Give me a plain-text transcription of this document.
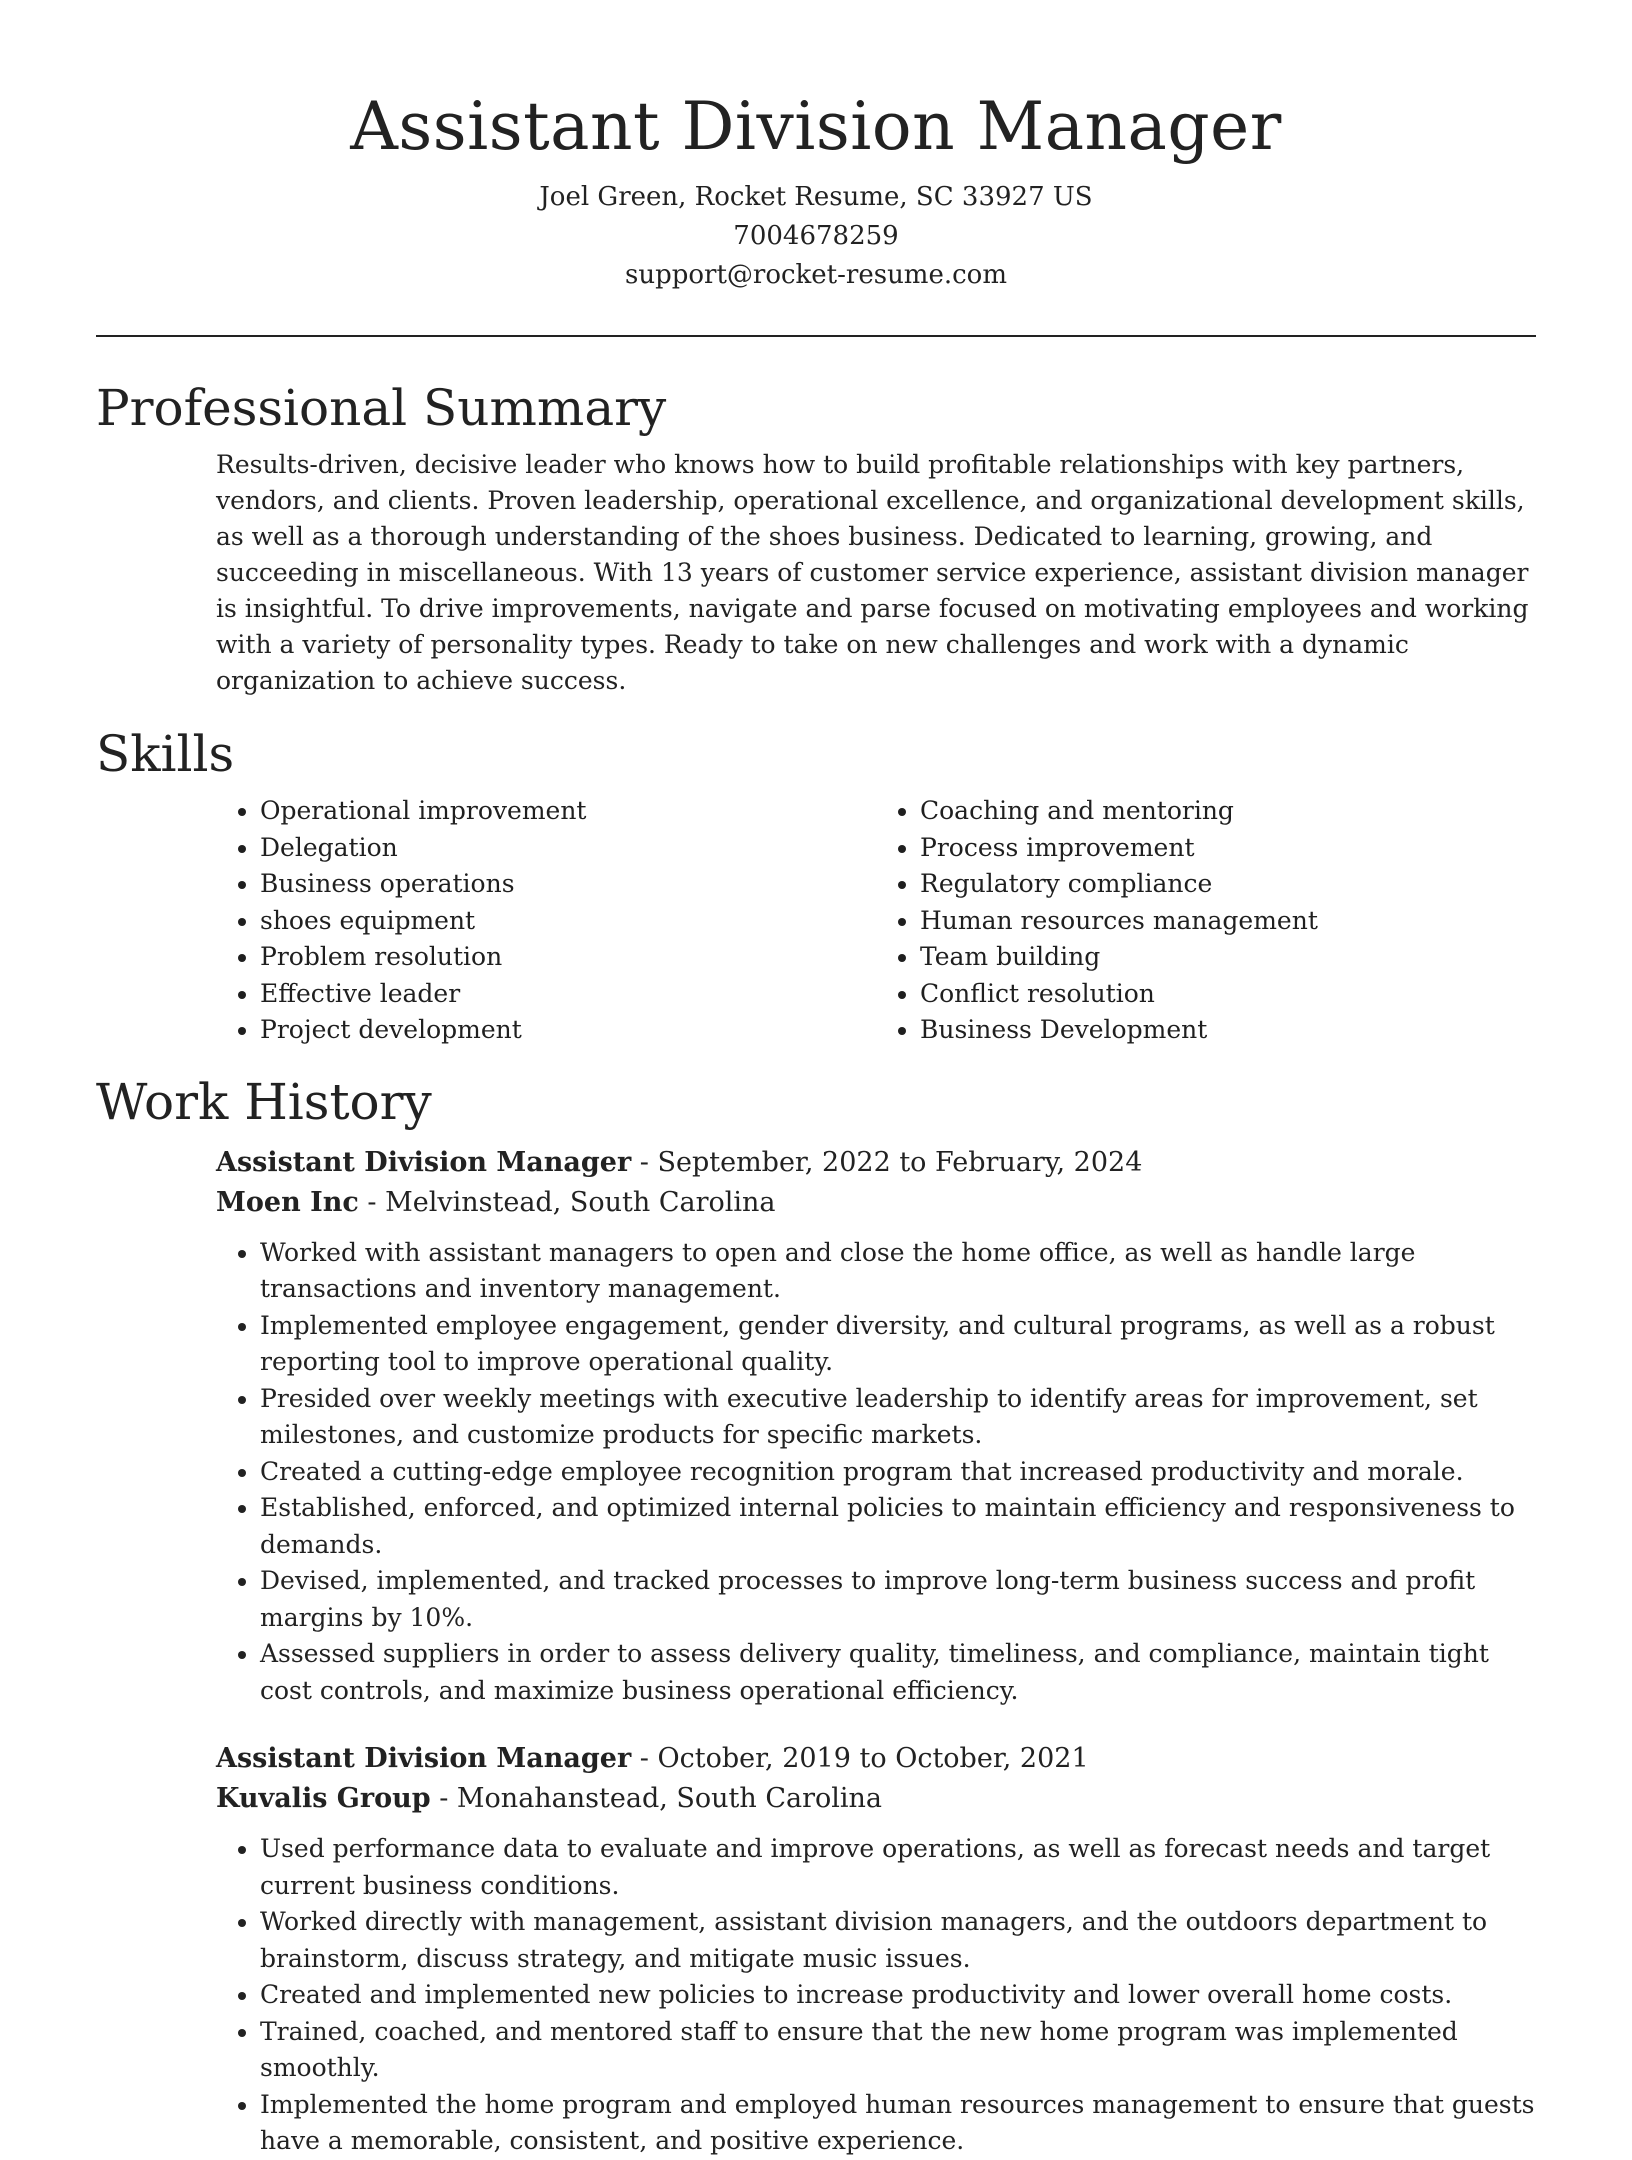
Assistant Division Manager
Joel Green, Rocket Resume, SC 33927 US
7004678259
support@rocket-resume.com
Professional Summary

Results-driven, decisive leader who knows how to build profitable relationships with key partners, vendors, and clients. Proven leadership, operational excellence, and organizational development skills, as well as a thorough understanding of the shoes business. Dedicated to learning, growing, and succeeding in miscellaneous. With 13 years of customer service experience, assistant division manager is insightful. To drive improvements, navigate and parse focused on motivating employees and working with a variety of personality types. Ready to take on new challenges and work with a dynamic organization to achieve success.

Skills
• Operational improvement
• Delegation
• Business operations
• shoes equipment
• Problem resolution
• Effective leader
• Project development
• Coaching and mentoring
• Process improvement
• Regulatory compliance
• Human resources management
• Team building
• Conflict resolution
• Business Development
Work History
Assistant Division Manager - September, 2022 to February, 2024
Moen Inc - Melvinstead, South Carolina
• Worked with assistant managers to open and close the home office, as well as handle large transactions and inventory management.
• Implemented employee engagement, gender diversity, and cultural programs, as well as a robust reporting tool to improve operational quality.
• Presided over weekly meetings with executive leadership to identify areas for improvement, set milestones, and customize products for specific markets.
• Created a cutting-edge employee recognition program that increased productivity and morale.
• Established, enforced, and optimized internal policies to maintain efficiency and responsiveness to demands.
• Devised, implemented, and tracked processes to improve long-term business success and profit margins by 10%.
• Assessed suppliers in order to assess delivery quality, timeliness, and compliance, maintain tight cost controls, and maximize business operational efficiency.
Assistant Division Manager - October, 2019 to October, 2021
Kuvalis Group - Monahanstead, South Carolina
• Used performance data to evaluate and improve operations, as well as forecast needs and target current business conditions.
• Worked directly with management, assistant division managers, and the outdoors department to brainstorm, discuss strategy, and mitigate music issues.
• Created and implemented new policies to increase productivity and lower overall home costs.
• Trained, coached, and mentored staff to ensure that the new home program was implemented smoothly.
• Implemented the home program and employed human resources management to ensure that guests have a memorable, consistent, and positive experience.
